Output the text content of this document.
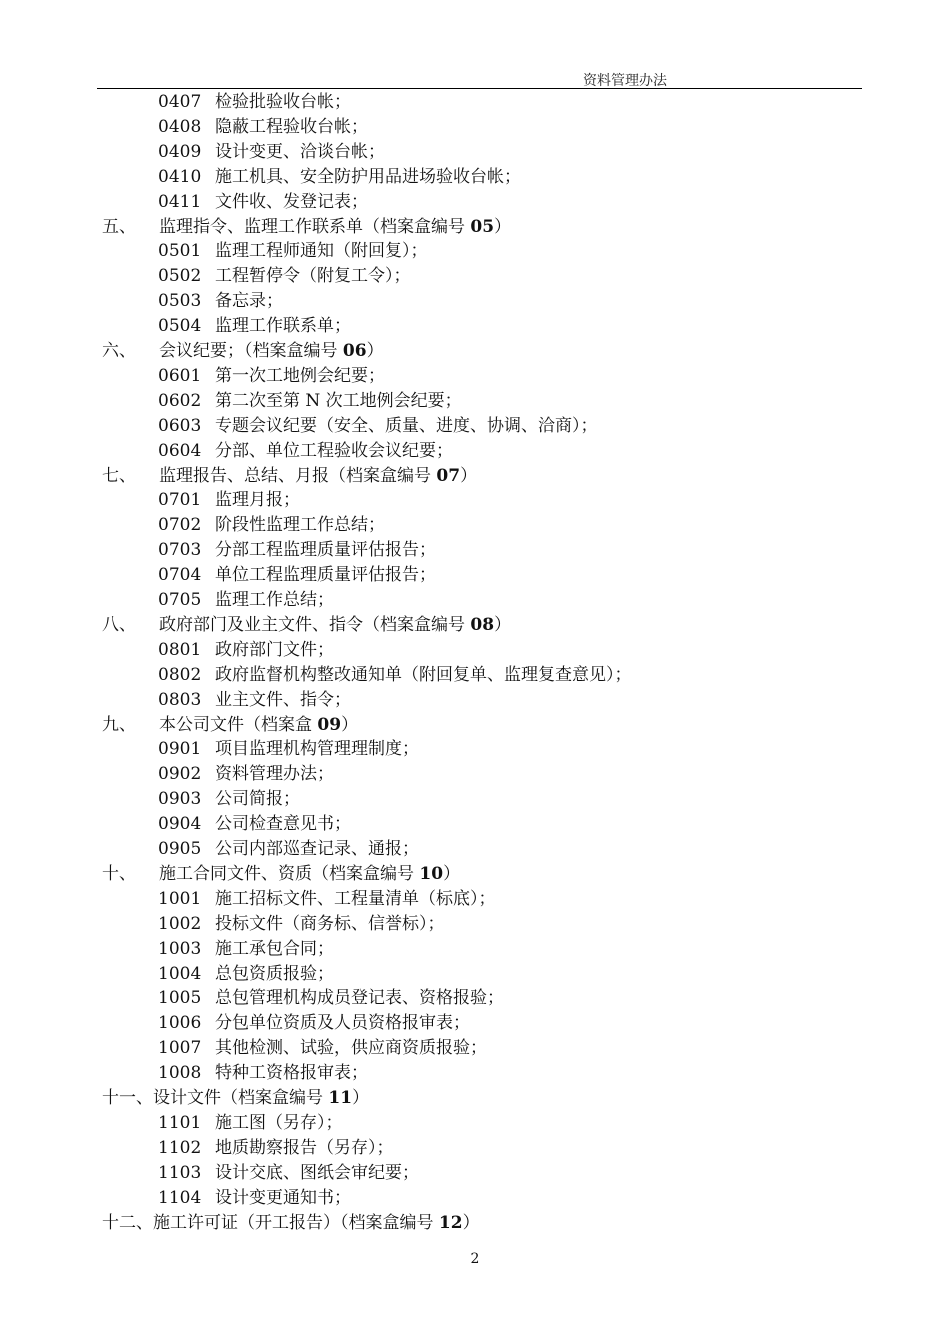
资料管理办法
0407 检验批验收台帐；
0408 隐蔽工程验收台帐；
0409 设计变更、洽谈台帐；
0410 施工机具、安全防护用品进场验收台帐；
0411 文件收、发登记表；
五、 监理指令、监理工作联系单（档案盒编号 05）
0501 监理工程师通知（附回复）；
0502 工程暂停令（附复工令）；
0503 备忘录；
0504 监理工作联系单；
六、 会议纪要；（档案盒编号 06）
0601 第一次工地例会纪要；
0602 第二次至第 N 次工地例会纪要；
0603 专题会议纪要（安全、质量、进度、协调、洽商）；
0604 分部、单位工程验收会议纪要；
七、 监理报告、总结、月报（档案盒编号 07）
0701 监理月报；
0702 阶段性监理工作总结；
0703 分部工程监理质量评估报告；
0704 单位工程监理质量评估报告；
0705 监理工作总结；
八、 政府部门及业主文件、指令（档案盒编号 08）
0801 政府部门文件；
0802 政府监督机构整改通知单（附回复单、监理复查意见）；
0803 业主文件、指令；
九、 本公司文件（档案盒 09）
0901 项目监理机构管理理制度；
0902 资料管理办法；
0903 公司简报；
0904 公司检查意见书；
0905 公司内部巡查记录、通报；
十、 施工合同文件、资质（档案盒编号 10）
1001 施工招标文件、工程量清单（标底）；
1002 投标文件（商务标、信誉标）；
1003 施工承包合同；
1004 总包资质报验；
1005 总包管理机构成员登记表、资格报验；
1006 分包单位资质及人员资格报审表；
1007 其他检测、试验，供应商资质报验；
1008 特种工资格报审表；
十一、设计文件（档案盒编号 11）
1101 施工图（另存）；
1102 地质勘察报告（另存）；
1103 设计交底、图纸会审纪要；
1104 设计变更通知书；
十二、施工许可证（开工报告）（档案盒编号 12）
2
